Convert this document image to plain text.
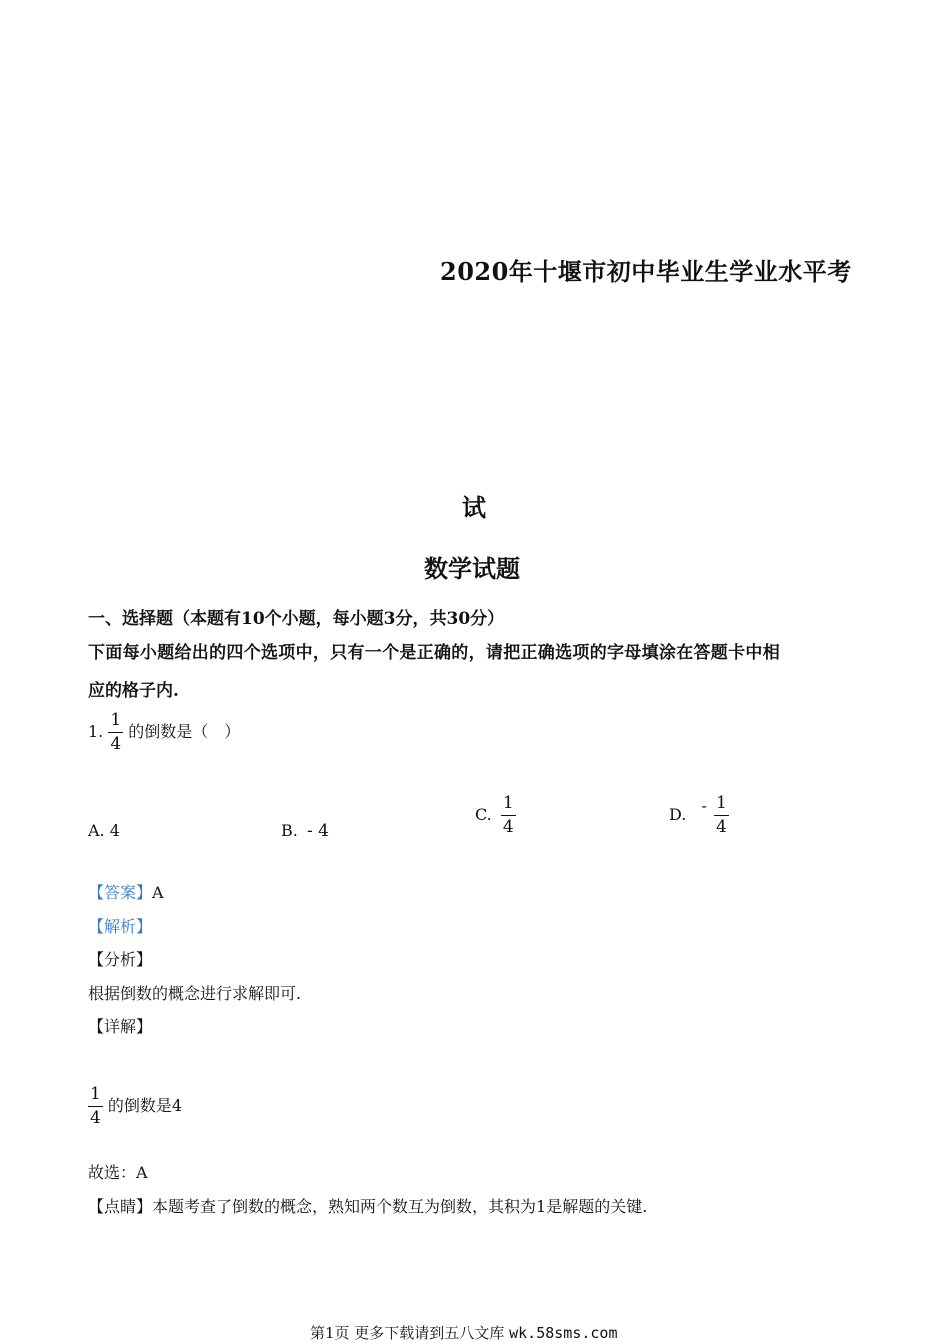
2020年十堰市初中毕业生学业水平考
试
数学试题
一、选择题（本题有10个小题，每小题3分，共30分）
下面每小题给出的四个选项中，只有一个是正确的，请把正确选项的字母填涂在答题卡中相
应的格子内.
1. $\frac{1}{4}$ 的倒数是（　）
A. 4	B. - 4
C. $\frac{1}{4}$	D. - $\frac{1}{4}$
【答案】A
【解析】
【分析】
根据倒数的概念进行求解即可.
【详解】
$\frac{1}{4}$ 的倒数是4
故选：A
【点睛】本题考查了倒数的概念，熟知两个数互为倒数，其积为1是解题的关键.
第1页 更多下载请到五八文库 wk.58sms.com
